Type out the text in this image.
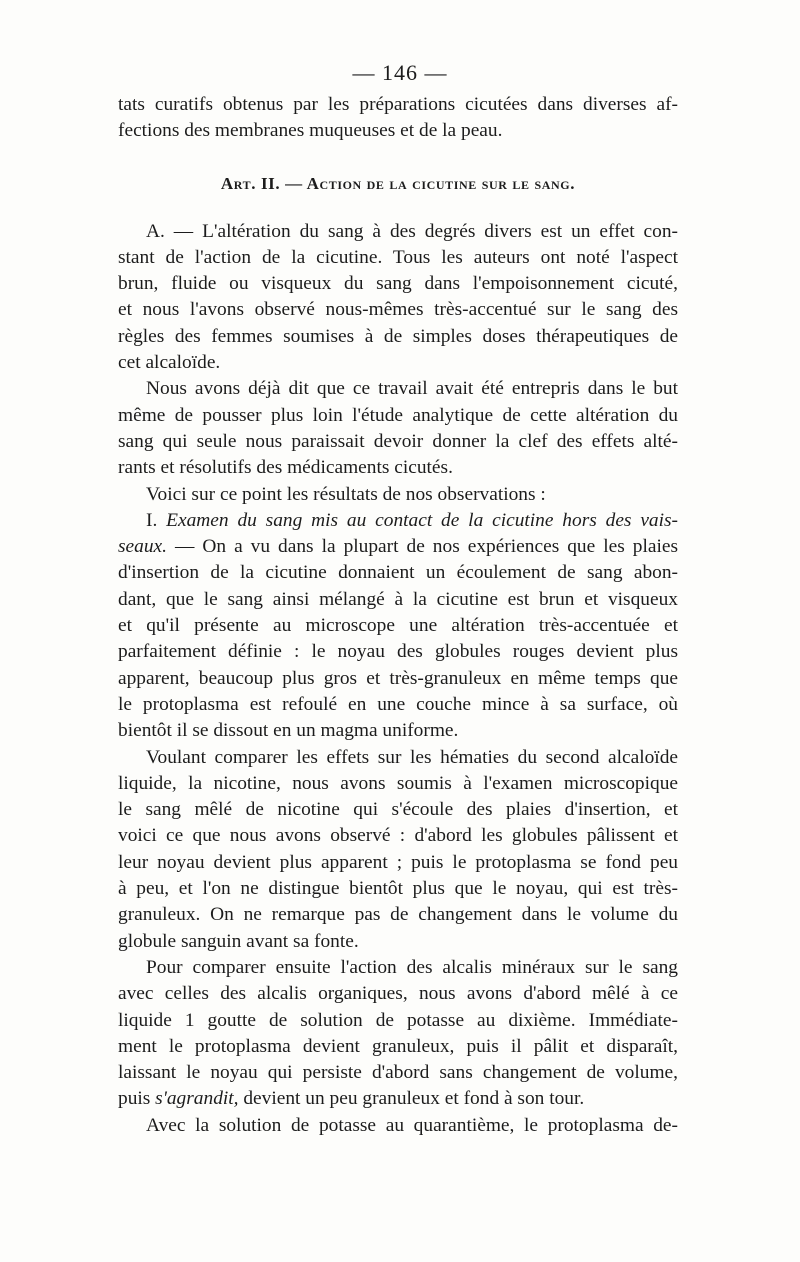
— 146 —
tats curatifs obtenus par les préparations cicutées dans diverses af-
fections des membranes muqueuses et de la peau.
Art. II. — Action de la cicutine sur le sang.
A. — L'altération du sang à des degrés divers est un effet con-
stant de l'action de la cicutine. Tous les auteurs ont noté l'aspect
brun, fluide ou visqueux du sang dans l'empoisonnement cicuté,
et nous l'avons observé nous-mêmes très-accentué sur le sang des
règles des femmes soumises à de simples doses thérapeutiques de
cet alcaloïde.
Nous avons déjà dit que ce travail avait été entrepris dans le but
même de pousser plus loin l'étude analytique de cette altération du
sang qui seule nous paraissait devoir donner la clef des effets alté-
rants et résolutifs des médicaments cicutés.
Voici sur ce point les résultats de nos observations :
I. Examen du sang mis au contact de la cicutine hors des vais-
seaux. — On a vu dans la plupart de nos expériences que les plaies
d'insertion de la cicutine donnaient un écoulement de sang abon-
dant, que le sang ainsi mélangé à la cicutine est brun et visqueux
et qu'il présente au microscope une altération très-accentuée et
parfaitement définie : le noyau des globules rouges devient plus
apparent, beaucoup plus gros et très-granuleux en même temps que
le protoplasma est refoulé en une couche mince à sa surface, où
bientôt il se dissout en un magma uniforme.
Voulant comparer les effets sur les hématies du second alcaloïde
liquide, la nicotine, nous avons soumis à l'examen microscopique
le sang mêlé de nicotine qui s'écoule des plaies d'insertion, et
voici ce que nous avons observé : d'abord les globules pâlissent et
leur noyau devient plus apparent ; puis le protoplasma se fond peu
à peu, et l'on ne distingue bientôt plus que le noyau, qui est très-
granuleux. On ne remarque pas de changement dans le volume du
globule sanguin avant sa fonte.
Pour comparer ensuite l'action des alcalis minéraux sur le sang
avec celles des alcalis organiques, nous avons d'abord mêlé à ce
liquide 1 goutte de solution de potasse au dixième. Immédiate-
ment le protoplasma devient granuleux, puis il pâlit et disparaît,
laissant le noyau qui persiste d'abord sans changement de volume,
puis s'agrandit, devient un peu granuleux et fond à son tour.
Avec la solution de potasse au quarantième, le protoplasma de-
